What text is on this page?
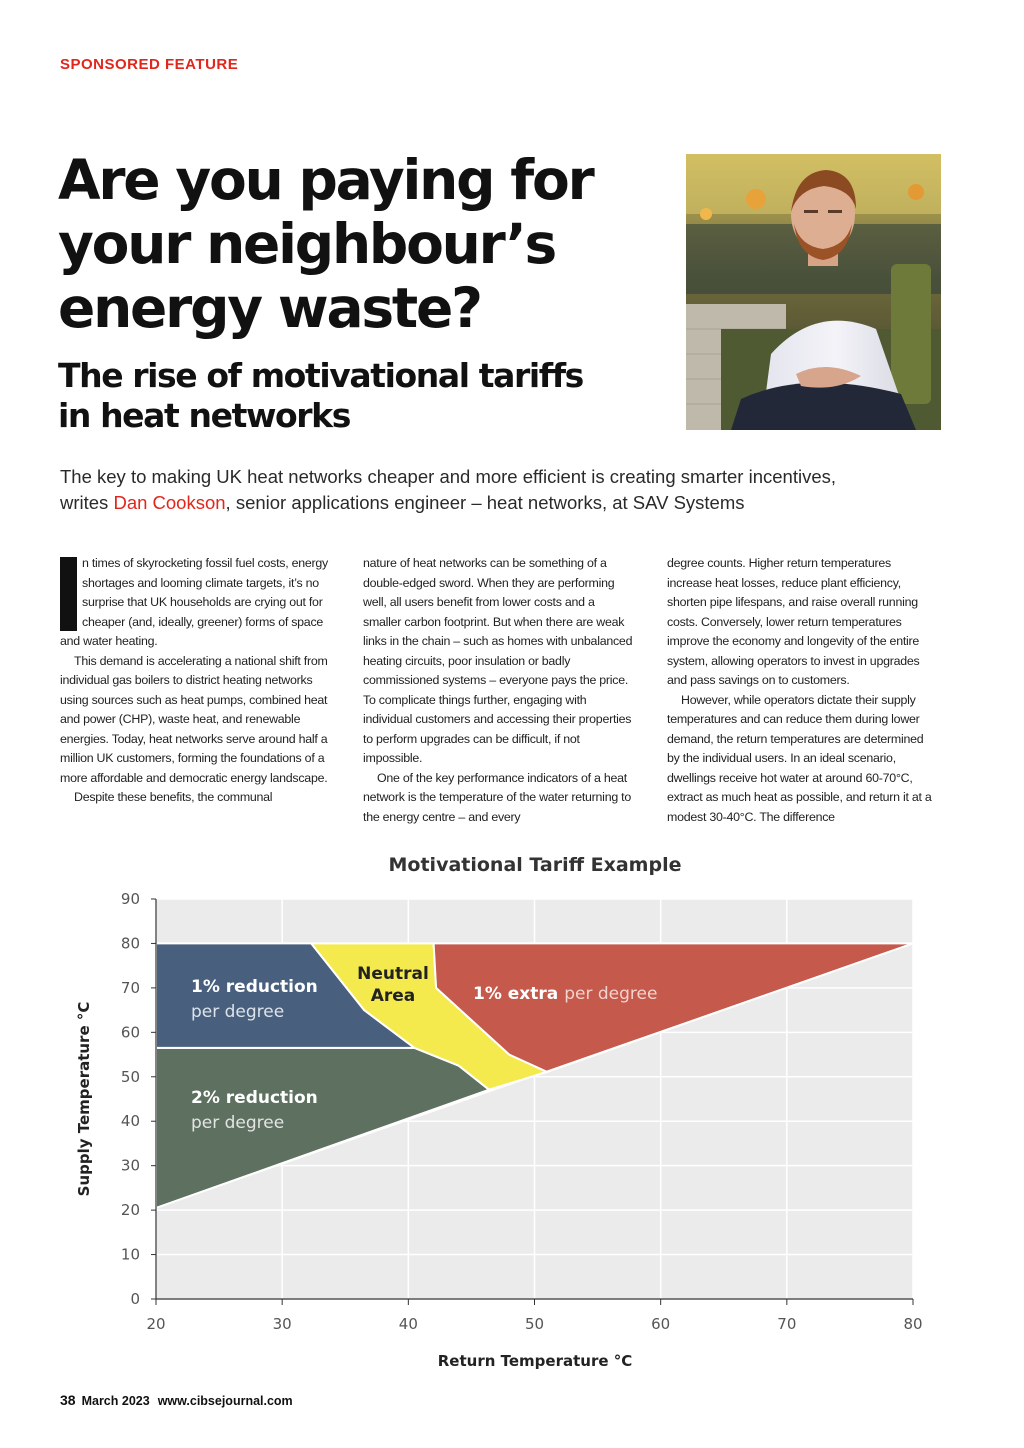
SPONSORED FEATURE
Are you paying for
your neighbour’s
energy waste?
The rise of motivational tariffs
in heat networks

The key to making UK heat networks cheaper and more efficient is creating smarter incentives,
writes Dan Cookson, senior applications engineer – heat networks, at SAV Systems

n times of skyrocketing fossil fuel costs, energy shortages and looming climate targets, it’s no surprise that UK households are crying out for cheaper (and, ideally, greener) forms of space and water heating.

This demand is accelerating a national shift from individual gas boilers to district heating networks using sources such as heat pumps, combined heat and power (CHP), waste heat, and renewable energies. Today, heat networks serve around half a million UK customers, forming the foundations of a more affordable and democratic energy landscape.

Despite these benefits, the communal

nature of heat networks can be something of a double-edged sword. When they are performing well, all users benefit from lower costs and a smaller carbon footprint. But when there are weak links in the chain – such as homes with unbalanced heating circuits, poor insulation or badly commissioned systems – everyone pays the price. To complicate things further, engaging with individual customers and accessing their properties to perform upgrades can be difficult, if not impossible.

One of the key performance indicators of a heat network is the temperature of the water returning to the energy centre – and every

degree counts. Higher return temperatures increase heat losses, reduce plant efficiency, shorten pipe lifespans, and raise overall running costs. Conversely, lower return temperatures improve the economy and longevity of the entire system, allowing operators to invest in upgrades and pass savings on to customers.

However, while operators dictate their supply temperatures and can reduce them during lower demand, the return temperatures are determined by the individual users. In an ideal scenario, dwellings receive hot water at around 60-70°C, extract as much heat as possible, and return it at a modest 30-40°C. The difference

20	30	40	50	60	70	80
0
10
20
30
40
50
60
70
80
90
Motivational Tariff Example
Return Temperature °C
Supply Temperature °C	2% reduction
per degree
1% reduction
per degree
Neutral
Area	1% extra per degree
38 March 2023 www.cibsejournal.com
